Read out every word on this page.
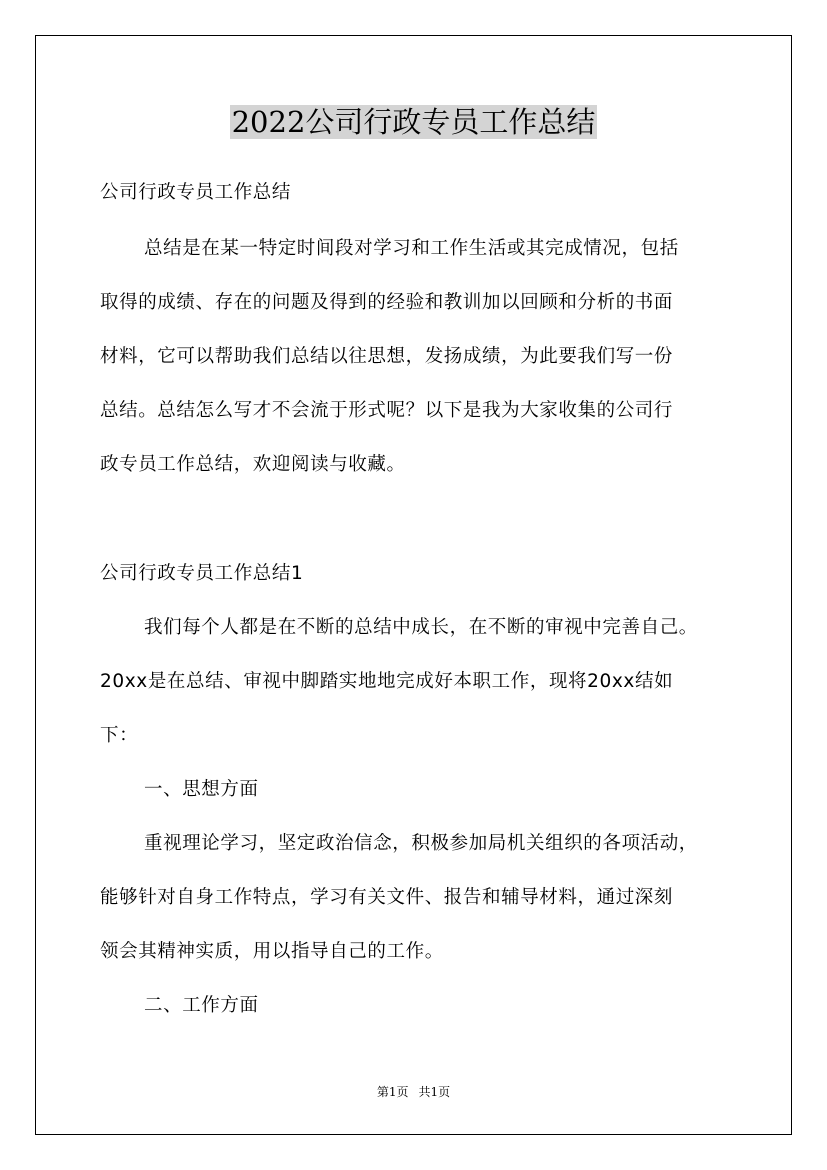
2022公司行政专员工作总结
公司行政专员工作总结
总结是在某一特定时间段对学习和工作生活或其完成情况，包括
取得的成绩、存在的问题及得到的经验和教训加以回顾和分析的书面
材料，它可以帮助我们总结以往思想，发扬成绩，为此要我们写一份
总结。总结怎么写才不会流于形式呢？以下是我为大家收集的公司行
政专员工作总结，欢迎阅读与收藏。
公司行政专员工作总结1
我们每个人都是在不断的总结中成长，在不断的审视中完善自己。
20xx是在总结、审视中脚踏实地地完成好本职工作，现将20xx结如
下：
一、思想方面
重视理论学习，坚定政治信念，积极参加局机关组织的各项活动，
能够针对自身工作特点，学习有关文件、报告和辅导材料，通过深刻
领会其精神实质，用以指导自己的工作。
二、工作方面
第1页 共1页
